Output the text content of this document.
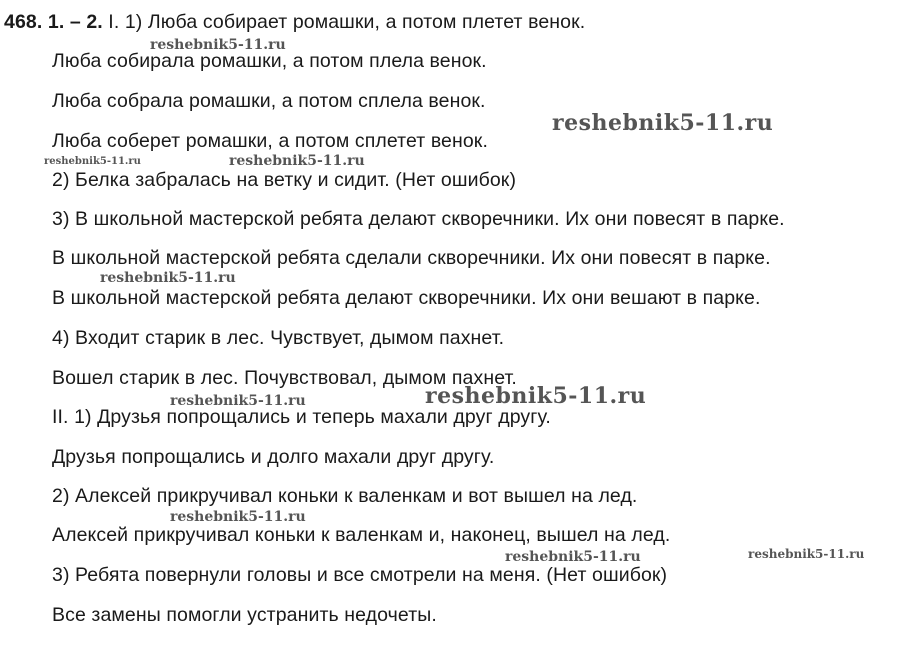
468. 1. – 2. I. 1) Люба собирает ромашки, а потом плетет венок.
Люба собирала ромашки, а потом плела венок.
Люба собрала ромашки, а потом сплела венок.
Люба соберет ромашки, а потом сплетет венок.
2) Белка забралась на ветку и сидит. (Нет ошибок)
3) В школьной мастерской ребята делают скворечники. Их они повесят в парке.
В школьной мастерской ребята сделали скворечники. Их они повесят в парке.
В школьной мастерской ребята делают скворечники. Их они вешают в парке.
4) Входит старик в лес. Чувствует, дымом пахнет.
Вошел старик в лес. Почувствовал, дымом пахнет.
II. 1) Друзья попрощались и теперь махали друг другу.
Друзья попрощались и долго махали друг другу.
2) Алексей прикручивал коньки к валенкам и вот вышел на лед.
Алексей прикручивал коньки к валенкам и, наконец, вышел на лед.
3) Ребята повернули головы и все смотрели на меня. (Нет ошибок)
Все замены помогли устранить недочеты.
reshebnik5-11.ru
reshebnik5-11.ru
reshebnik5-11.ru	reshebnik5-11.ru
reshebnik5-11.ru
reshebnik5-11.ru	reshebnik5-11.ru
reshebnik5-11.ru
reshebnik5-11.ru	reshebnik5-11.ru
